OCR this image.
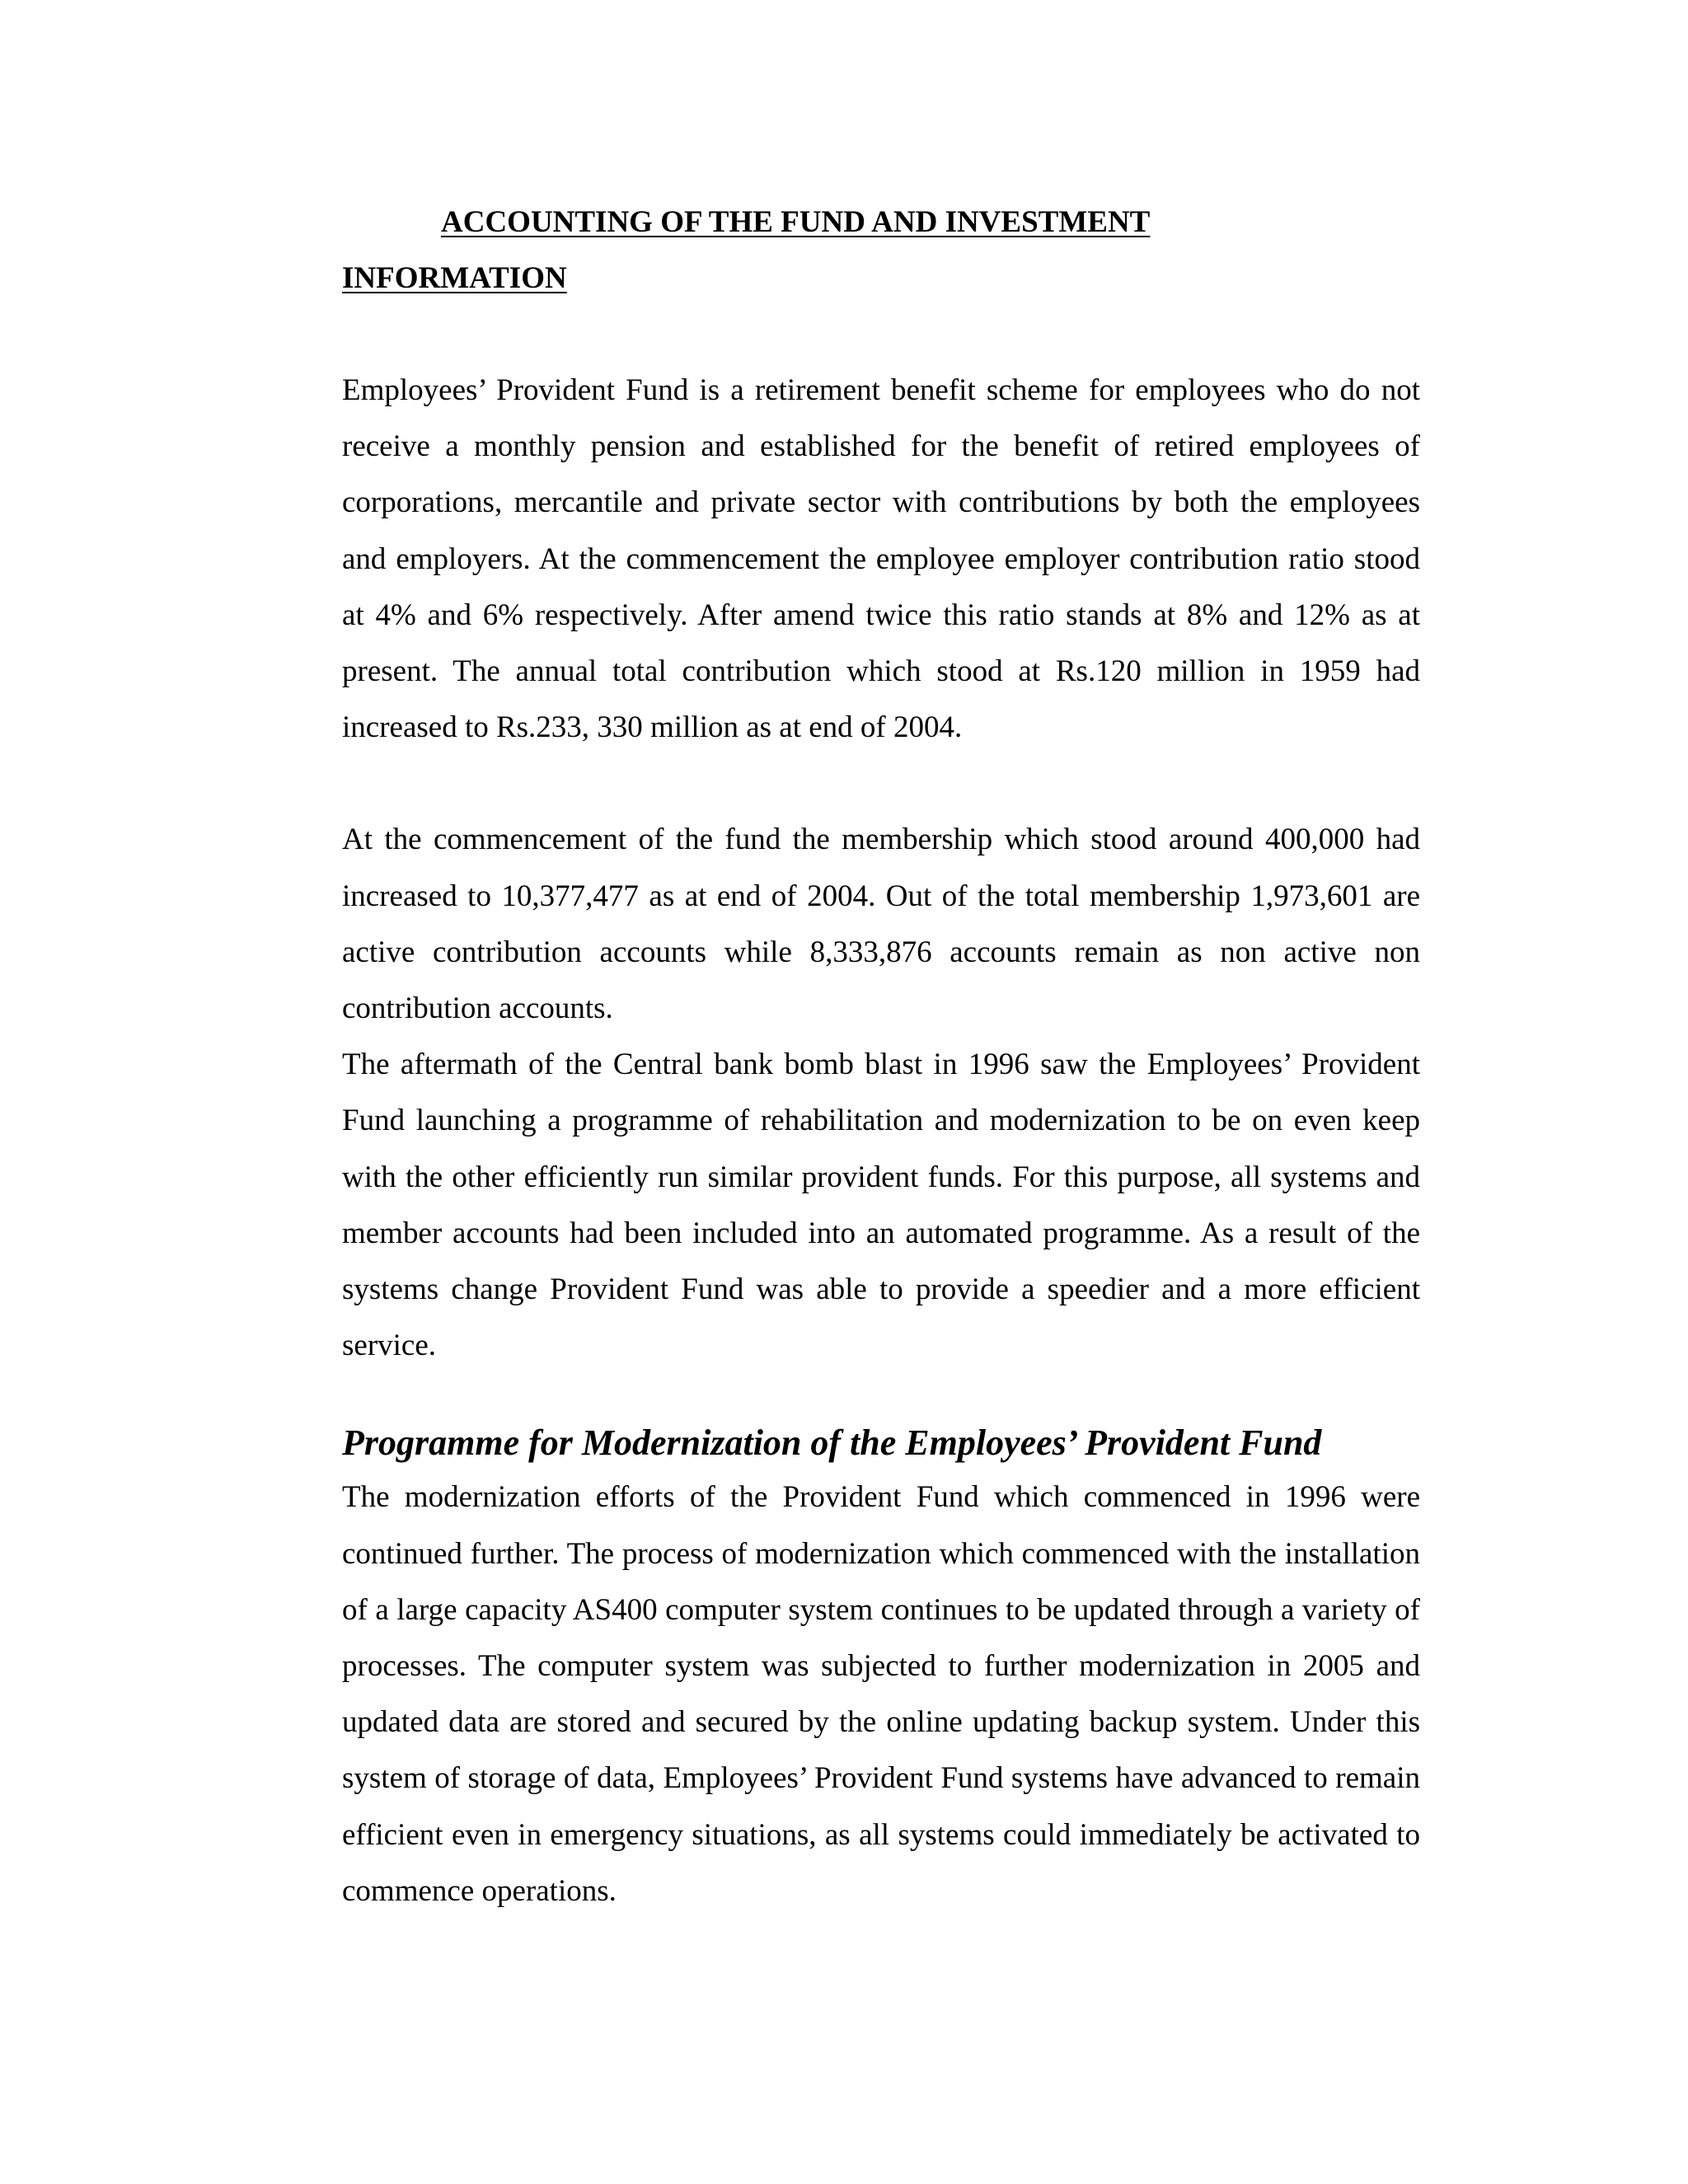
ACCOUNTING OF THE FUND AND INVESTMENT
INFORMATION

Employees’ Provident Fund is a retirement benefit scheme for employees who do not receive a monthly pension and established for the benefit of retired employees of corporations, mercantile and private sector with contributions by both the employees and employers. At the commencement the employee employer contribution ratio stood at 4% and 6% respectively. After amend twice this ratio stands at 8% and 12% as at present. The annual total contribution which stood at Rs.120 million in 1959 had increased to Rs.233, 330 million as at end of 2004.

At the commencement of the fund the membership which stood around 400,000 had increased to 10,377,477 as at end of 2004. Out of the total membership 1,973,601 are active contribution accounts while 8,333,876 accounts remain as non active non contribution accounts.

The aftermath of the Central bank bomb blast in 1996 saw the Employees’ Provident Fund launching a programme of rehabilitation and modernization to be on even keep with the other efficiently run similar provident funds. For this purpose, all systems and member accounts had been included into an automated programme. As a result of the systems change Provident Fund was able to provide a speedier and a more efficient service.

Programme for Modernization of the Employees’ Provident Fund

The modernization efforts of the Provident Fund which commenced in 1996 were continued further. The process of modernization which commenced with the installation of a large capacity AS400 computer system continues to be updated through a variety of processes. The computer system was subjected to further modernization in 2005 and updated data are stored and secured by the online updating backup system. Under this system of storage of data, Employees’ Provident Fund systems have advanced to remain efficient even in emergency situations, as all systems could immediately be activated to commence operations.
